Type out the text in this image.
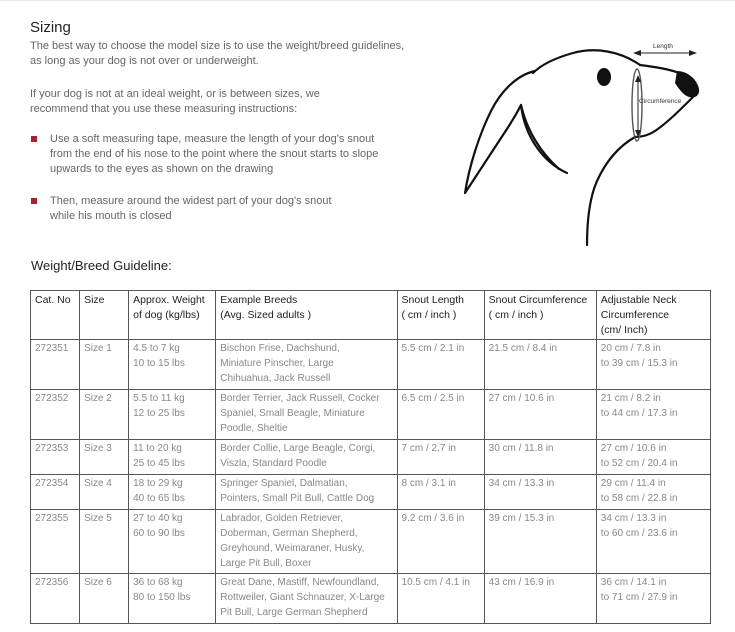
Sizing

The best way to choose the model size is to use the weight/breed guidelines,
as long as your dog is not over or underweight.

If your dog is not at an ideal weight, or is between sizes, we
recommend that you use these measuring instructions:

Use a soft measuring tape, measure the length of your dog's snout
from the end of his nose to the point where the snout starts to slope
upwards to the eyes as shown on the drawing
Then, measure around the widest part of your dog's snout
while his mouth is closed
Length
Circumference
Weight/Breed Guideline:
Cat. No	Size	Approx. Weight
of dog (kg/lbs)	Example Breeds
(Avg. Sized adults )	Snout Length
( cm / inch )	Snout Circumference
( cm / inch )	Adjustable Neck
Circumference
(cm/ Inch)

272351	Size 1	4.5 to 7 kg
10 to 15 lbs	Bischon Frise, Dachshund,
Miniature Pinscher, Large
Chihuahua, Jack Russell	5.5 cm / 2.1 in	21.5 cm / 8.4 in	20 cm / 7.8 in
to 39 cm / 15.3 in

272352	Size 2	5.5 to 11 kg
12 to 25 lbs	Border Terrier, Jack Russell, Cocker
Spaniel, Small Beagle, Miniature
Poodle, Sheltie	6.5 cm / 2.5 in	27 cm / 10.6 in	21 cm / 8.2 in
to 44 cm / 17.3 in

272353	Size 3	11 to 20 kg
25 to 45 lbs	Border Collie, Large Beagle, Corgi,
Viszla, Standard Poodle	7 cm / 2.7 in	30 cm / 11.8 in	27 cm / 10.6 in
to 52 cm / 20.4 in

272354	Size 4	18 to 29 kg
40 to 65 lbs	Springer Spaniel, Dalmatian,
Pointers, Small Pit Bull, Cattle Dog	8 cm / 3.1 in	34 cm / 13.3 in	29 cm / 11.4 in
to 58 cm / 22.8 in

272355	Size 5	27 to 40 kg
60 to 90 lbs	Labrador, Golden Retriever,
Doberman, German Shepherd,
Greyhound, Weimaraner, Husky,
Large Pit Bull, Boxer	9.2 cm / 3.6 in	39 cm / 15.3 in	34 cm / 13.3 in
to 60 cm / 23.6 in

272356	Size 6	36 to 68 kg
80 to 150 lbs	Great Dane, Mastiff, Newfoundland,
Rottweiler, Giant Schnauzer, X-Large
Pit Bull, Large German Shepherd	10.5 cm / 4.1 in	43 cm / 16.9 in	36 cm / 14.1 in
to 71 cm / 27.9 in
